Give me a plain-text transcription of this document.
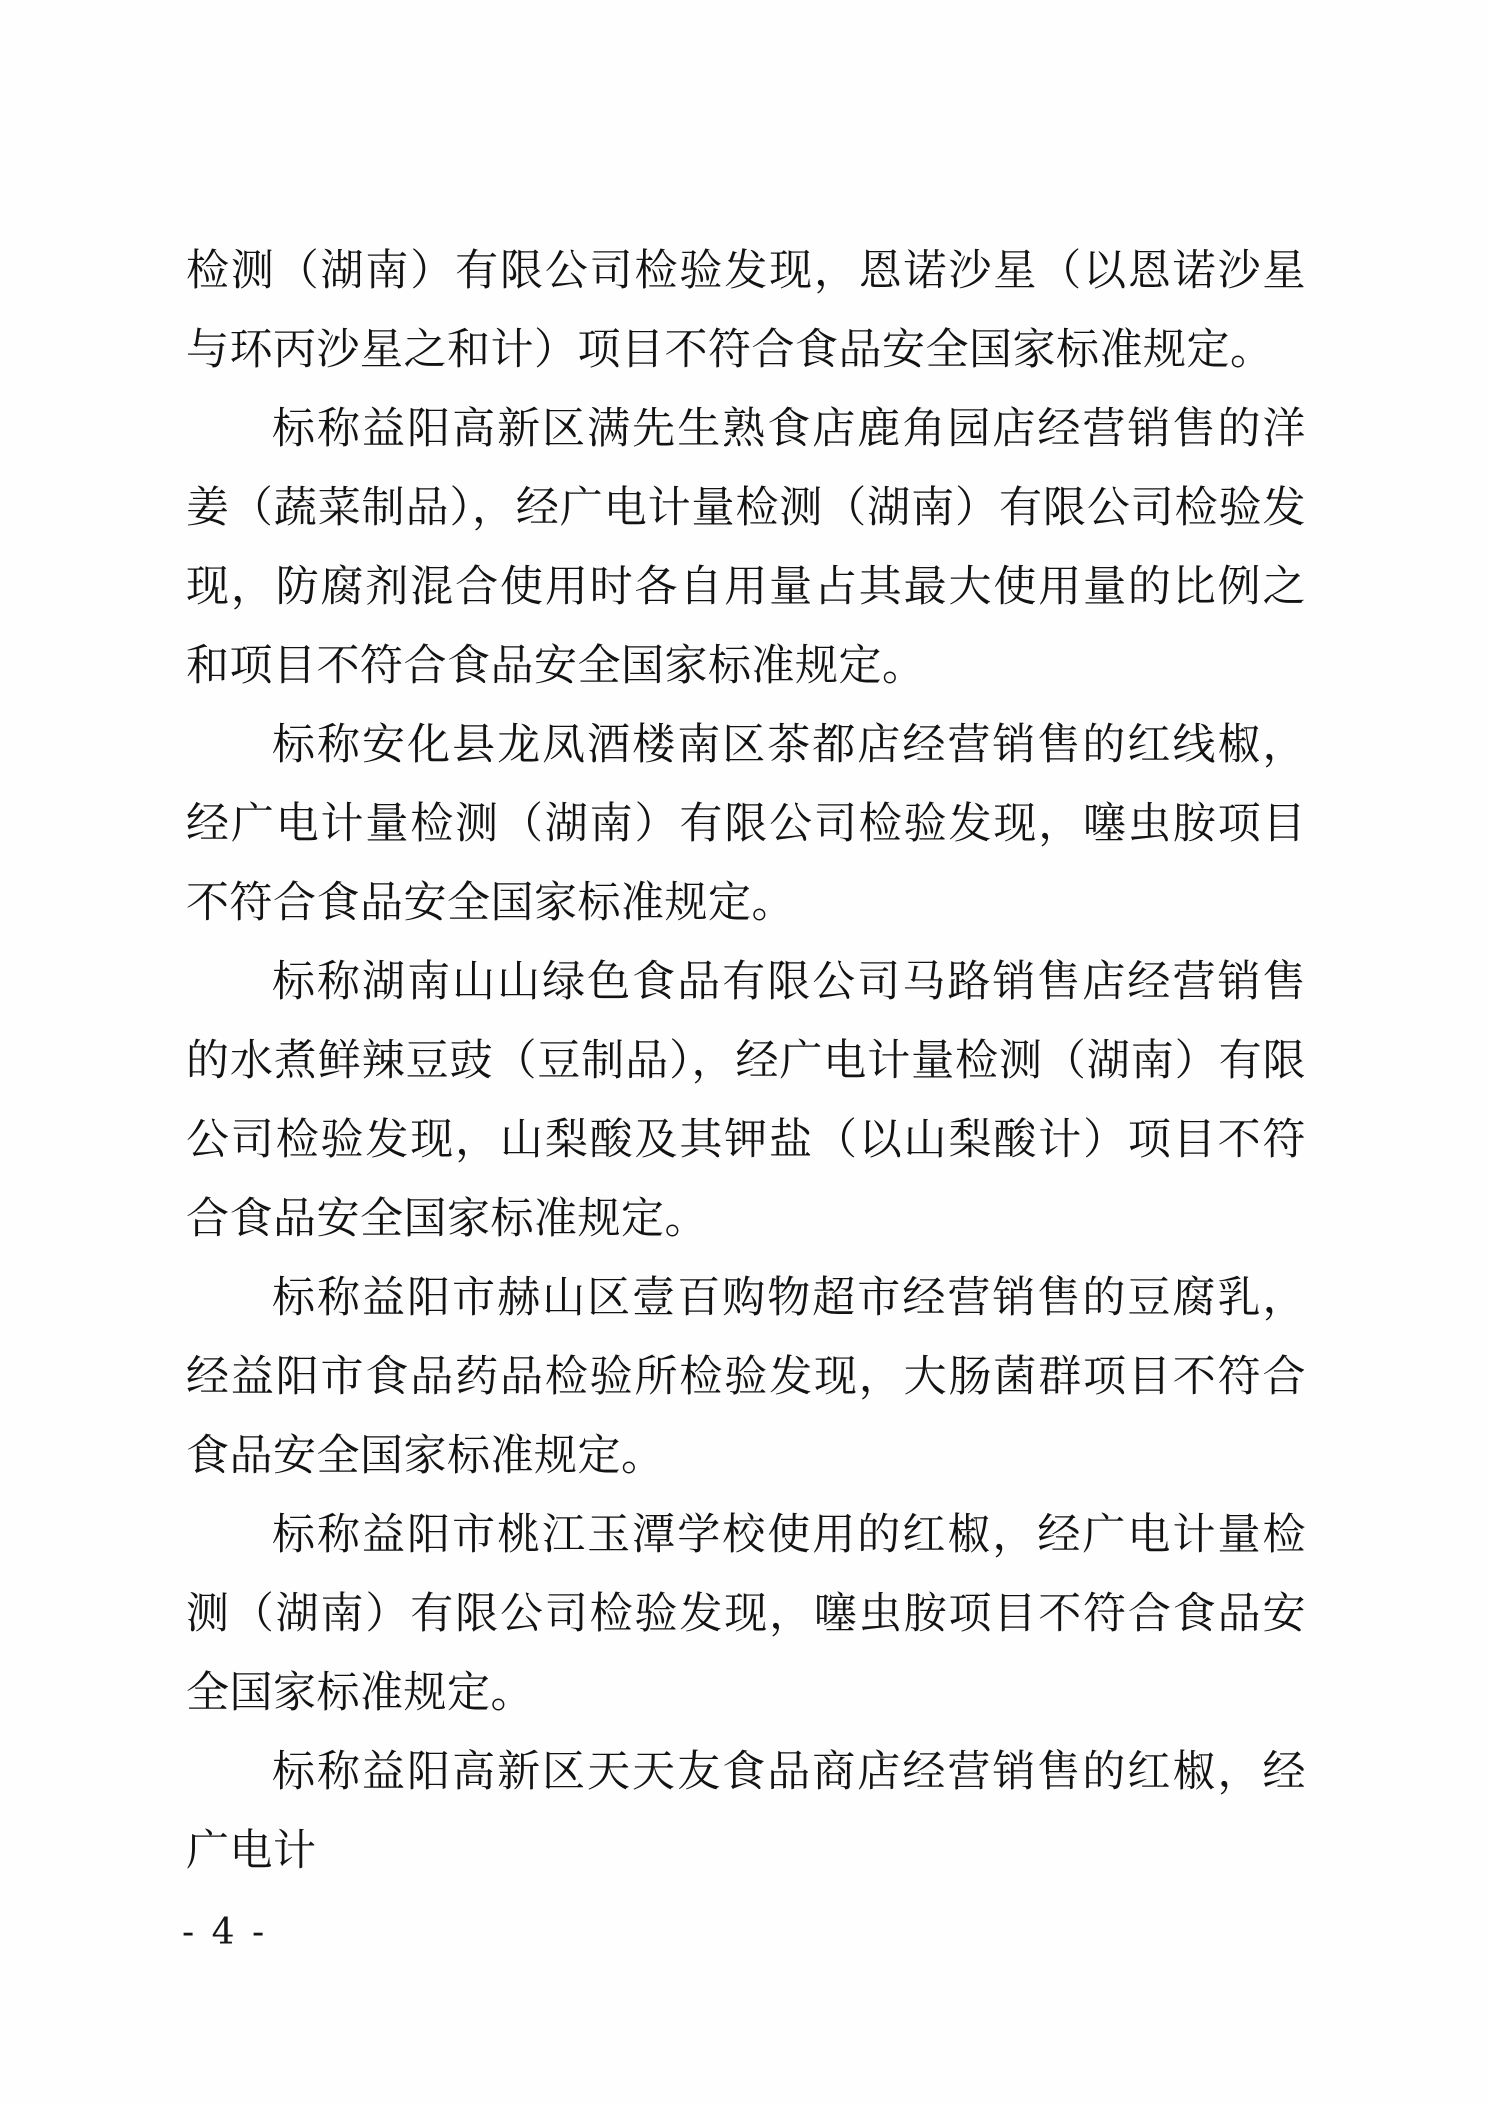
检测（湖南）有限公司检验发现，恩诺沙星（以恩诺沙星与环丙沙星之和计）项目不符合食品安全国家标准规定。

标称益阳高新区满先生熟食店鹿角园店经营销售的洋姜（蔬菜制品），经广电计量检测（湖南）有限公司检验发现，防腐剂混合使用时各自用量占其最大使用量的比例之和项目不符合食品安全国家标准规定。

标称安化县龙凤酒楼南区茶都店经营销售的红线椒，经广电计量检测（湖南）有限公司检验发现，噻虫胺项目不符合食品安全国家标准规定。

标称湖南山山绿色食品有限公司马路销售店经营销售的水煮鲜辣豆豉（豆制品），经广电计量检测（湖南）有限公司检验发现，山梨酸及其钾盐（以山梨酸计）项目不符合食品安全国家标准规定。

标称益阳市赫山区壹百购物超市经营销售的豆腐乳，经益阳市食品药品检验所检验发现，大肠菌群项目不符合食品安全国家标准规定。

标称益阳市桃江玉潭学校使用的红椒，经广电计量检测（湖南）有限公司检验发现，噻虫胺项目不符合食品安全国家标准规定。

标称益阳高新区天天友食品商店经营销售的红椒，经广电计

- 4 -
